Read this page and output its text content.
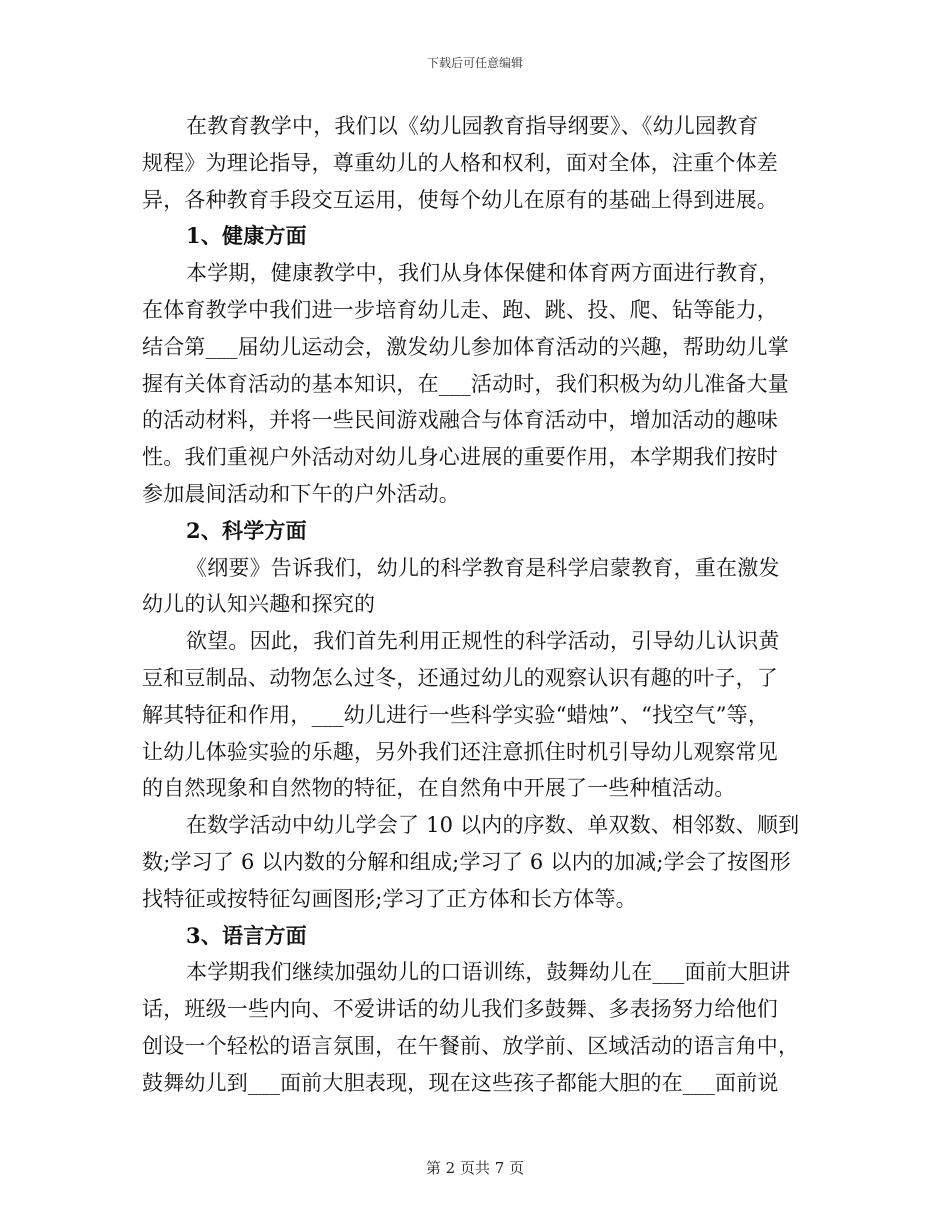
下载后可任意编辑
在教育教学中，我们以《幼儿园教育指导纲要》、《幼儿园教育
规程》为理论指导，尊重幼儿的人格和权利，面对全体，注重个体差
异，各种教育手段交互运用，使每个幼儿在原有的基础上得到进展。
1、健康方面
本学期，健康教学中，我们从身体保健和体育两方面进行教育，
在体育教学中我们进一步培育幼儿走、跑、跳、投、爬、钻等能力，
结合第___届幼儿运动会，激发幼儿参加体育活动的兴趣，帮助幼儿掌
握有关体育活动的基本知识，在___活动时，我们积极为幼儿准备大量
的活动材料，并将一些民间游戏融合与体育活动中，增加活动的趣味
性。我们重视户外活动对幼儿身心进展的重要作用，本学期我们按时
参加晨间活动和下午的户外活动。
2、科学方面
《纲要》告诉我们，幼儿的科学教育是科学启蒙教育，重在激发
幼儿的认知兴趣和探究的
欲望。因此，我们首先利用正规性的科学活动，引导幼儿认识黄
豆和豆制品、动物怎么过冬，还通过幼儿的观察认识有趣的叶子，了
解其特征和作用，___幼儿进行一些科学实验“蜡烛”、“找空气”等，
让幼儿体验实验的乐趣，另外我们还注意抓住时机引导幼儿观察常见
的自然现象和自然物的特征，在自然角中开展了一些种植活动。
在数学活动中幼儿学会了 10 以内的序数、单双数、相邻数、顺到
数;学习了 6 以内数的分解和组成;学习了 6 以内的加减;学会了按图形
找特征或按特征勾画图形;学习了正方体和长方体等。
3、语言方面
本学期我们继续加强幼儿的口语训练，鼓舞幼儿在___面前大胆讲
话，班级一些内向、不爱讲话的幼儿我们多鼓舞、多表扬努力给他们
创设一个轻松的语言氛围，在午餐前、放学前、区域活动的语言角中，
鼓舞幼儿到___面前大胆表现，现在这些孩子都能大胆的在___面前说
第 2 页共 7 页
